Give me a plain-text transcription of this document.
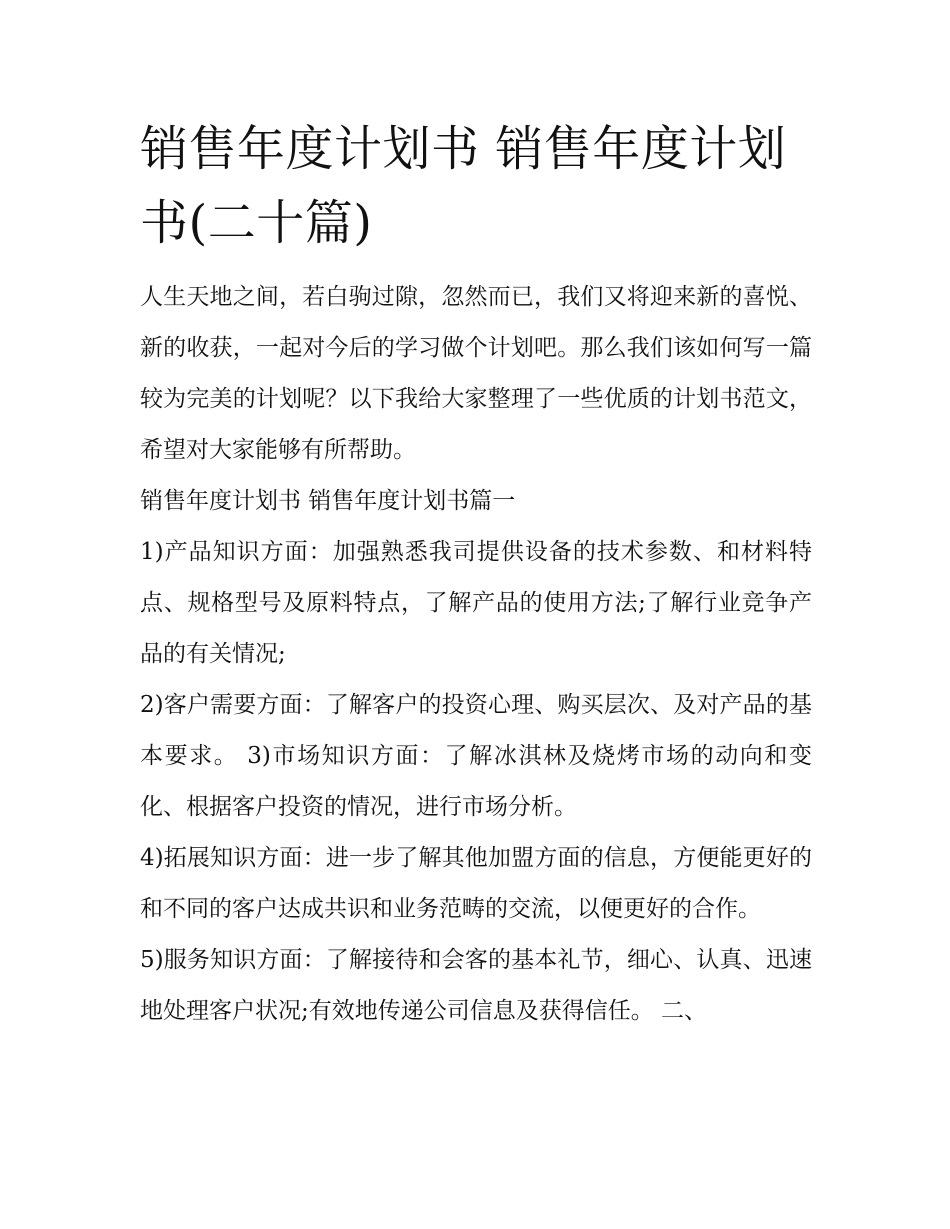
销售年度计划书 销售年度计划书(二十篇)

人生天地之间，若白驹过隙，忽然而已，我们又将迎来新的喜悦、新的收获，一起对今后的学习做个计划吧。那么我们该如何写一篇较为完美的计划呢？以下我给大家整理了一些优质的计划书范文，希望对大家能够有所帮助。

销售年度计划书 销售年度计划书篇一

1)产品知识方面：加强熟悉我司提供设备的技术参数、和材料特点、规格型号及原料特点，了解产品的使用方法;了解行业竞争产品的有关情况;

2)客户需要方面：了解客户的投资心理、购买层次、及对产品的基本要求。 3)市场知识方面：了解冰淇林及烧烤市场的动向和变化、根据客户投资的情况，进行市场分析。

4)拓展知识方面：进一步了解其他加盟方面的信息，方便能更好的和不同的客户达成共识和业务范畴的交流，以便更好的合作。

5)服务知识方面：了解接待和会客的基本礼节，细心、认真、迅速地处理客户状况;有效地传递公司信息及获得信任。 二、
